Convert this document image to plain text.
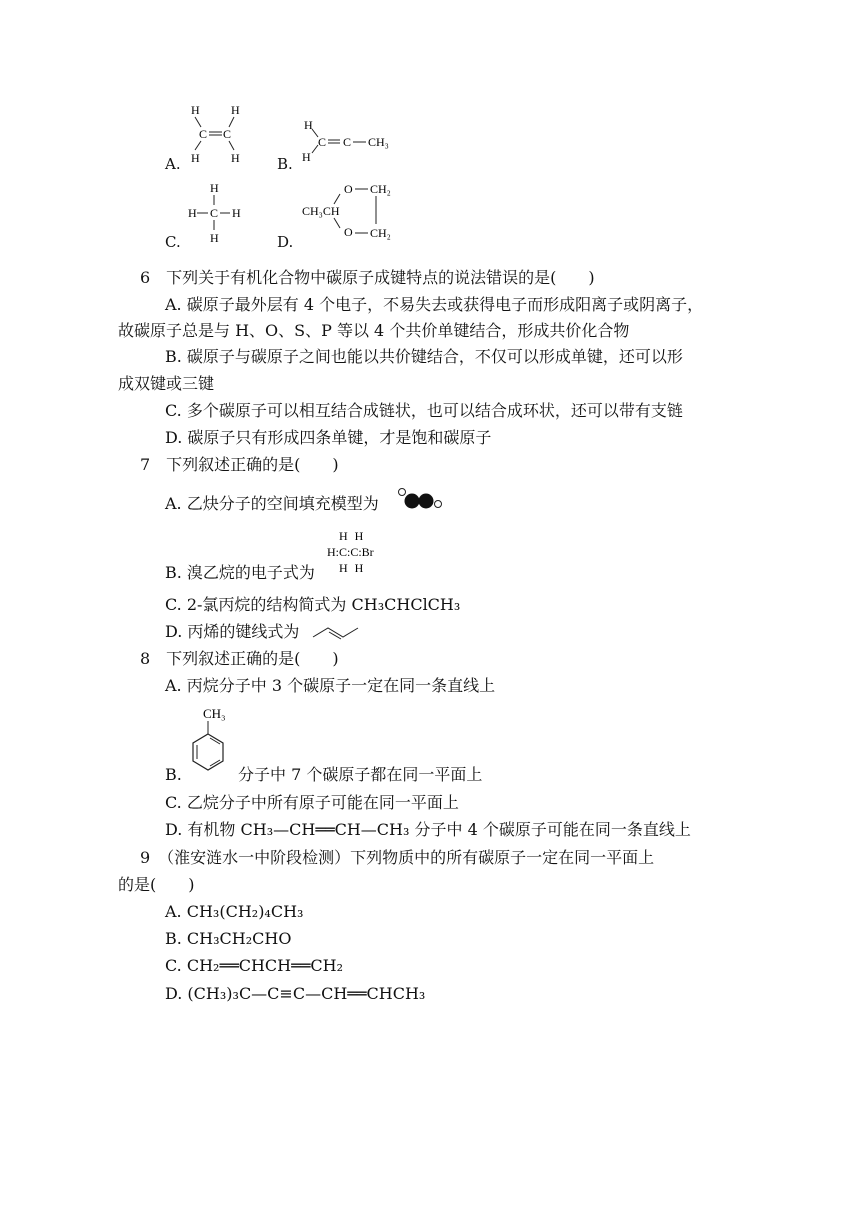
A.	B.
C.	D.
H	H
C C
H	H
H
H
C C CH₃
H
H C H
H
O CH₂
CH₃CH
O CH₂
6　下列关于有机化合物中碳原子成键特点的说法错误的是(　　)
A. 碳原子最外层有 4 个电子，不易失去或获得电子而形成阳离子或阴离子，
故碳原子总是与 H、O、S、P 等以 4 个共价单键结合，形成共价化合物
B. 碳原子与碳原子之间也能以共价键结合，不仅可以形成单键，还可以形
成双键或三键
C. 多个碳原子可以相互结合成链状，也可以结合成环状，还可以带有支链
D. 碳原子只有形成四条单键，才是饱和碳原子
7　下列叙述正确的是(　　)
A. 乙炔分子的空间填充模型为
B. 溴乙烷的电子式为
H H
H:C:C:Br
H H
C. 2-氯丙烷的结构简式为 CH₃CHClCH₃
D. 丙烯的键线式为
8　下列叙述正确的是(　　)
A. 丙烷分子中 3 个碳原子一定在同一条直线上
CH₃
B.	分子中 7 个碳原子都在同一平面上
C. 乙烷分子中所有原子可能在同一平面上
D. 有机物 CH₃—CH══CH—CH₃ 分子中 4 个碳原子可能在同一条直线上
9　（淮安涟水一中阶段检测）下列物质中的所有碳原子一定在同一平面上
的是(　　)
A. CH₃(CH₂)₄CH₃
B. CH₃CH₂CHO
C. CH₂══CHCH══CH₂
D. (CH₃)₃C—C≡C—CH══CHCH₃
